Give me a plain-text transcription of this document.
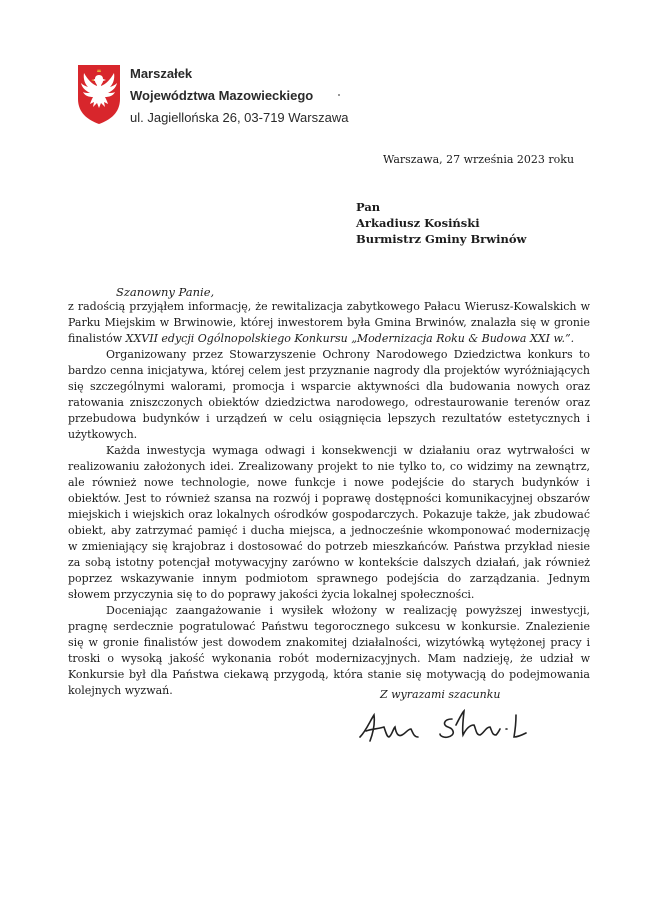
Marszałek
Województwa Mazowieckiego
ul. Jagiellońska 26, 03-719 Warszawa
Warszawa, 27 września 2023 roku
Pan
Arkadiusz Kosiński
Burmistrz Gminy Brwinów
Szanowny Panie,

z radością przyjąłem informację, że rewitalizacja zabytkowego Pałacu Wierusz-Kowalskich w Parku Miejskim w Brwinowie, której inwestorem była Gmina Brwinów, znalazła się w gronie finalistów XXVII edycji Ogólnopolskiego Konkursu „Modernizacja Roku & Budowa XXI w.”.

Organizowany przez Stowarzyszenie Ochrony Narodowego Dziedzictwa konkurs to bardzo cenna inicjatywa, której celem jest przyznanie nagrody dla projektów wyróżniających się szczególnymi walorami, promocja i wsparcie aktywności dla budowania nowych oraz ratowania zniszczonych obiektów dziedzictwa narodowego, odrestaurowanie terenów oraz przebudowa budynków i urządzeń w celu osiągnięcia lepszych rezultatów estetycznych i użytkowych.

Każda inwestycja wymaga odwagi i konsekwencji w działaniu oraz wytrwałości w realizowaniu założonych idei. Zrealizowany projekt to nie tylko to, co widzimy na zewnątrz, ale również nowe technologie, nowe funkcje i nowe podejście do starych budynków i obiektów. Jest to również szansa na rozwój i poprawę dostępności komunikacyjnej obszarów miejskich i wiejskich oraz lokalnych ośrodków gospodarczych. Pokazuje także, jak zbudować obiekt, aby zatrzymać pamięć i ducha miejsca, a jednocześnie wkomponować modernizację w zmieniający się krajobraz i dostosować do potrzeb mieszkańców. Państwa przykład niesie za sobą istotny potencjał motywacyjny zarówno w kontekście dalszych działań, jak również poprzez wskazywanie innym podmiotom sprawnego podejścia do zarządzania. Jednym słowem przyczynia się to do poprawy jakości życia lokalnej społeczności.

Doceniając zaangażowanie i wysiłek włożony w realizację powyższej inwestycji, pragnę serdecznie pogratulować Państwu tegorocznego sukcesu w konkursie. Znalezienie się w gronie finalistów jest dowodem znakomitej działalności, wizytówką wytężonej pracy i troski o wysoką jakość wykonania robót modernizacyjnych. Mam nadzieję, że udział w Konkursie był dla Państwa ciekawą przygodą, która stanie się motywacją do podejmowania kolejnych wyzwań.	Z wyrazami szacunku
